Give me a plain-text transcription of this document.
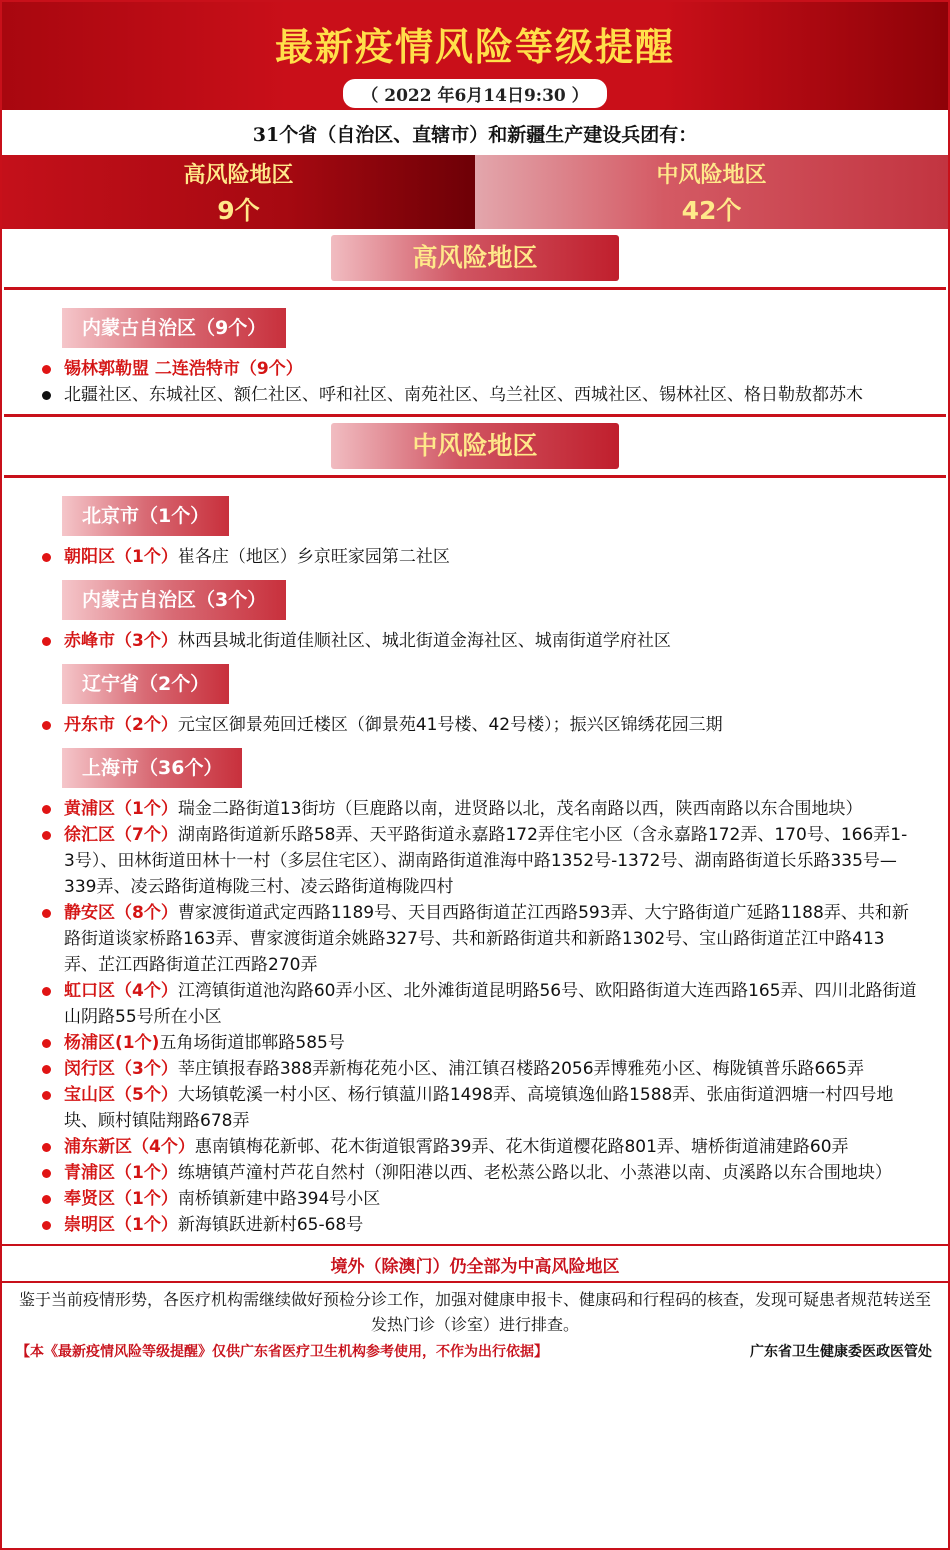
最新疫情风险等级提醒
（ 2022 年6月14日9:30 ）
31个省（自治区、直辖市）和新疆生产建设兵团有：
高风险地区
9个
中风险地区
42个
高风险地区
内蒙古自治区（9个）
锡林郭勒盟 二连浩特市（9个）
北疆社区、东城社区、额仁社区、呼和社区、南苑社区、乌兰社区、西城社区、锡林社区、格日勒敖都苏木
中风险地区
北京市（1个）
朝阳区（1个）崔各庄（地区）乡京旺家园第二社区
内蒙古自治区（3个）
赤峰市（3个）林西县城北街道佳顺社区、城北街道金海社区、城南街道学府社区
辽宁省（2个）
丹东市（2个）元宝区御景苑回迁楼区（御景苑41号楼、42号楼）；振兴区锦绣花园三期
上海市（36个）
黄浦区（1个）瑞金二路街道13街坊（巨鹿路以南，进贤路以北，茂名南路以西，陕西南路以东合围地块）
徐汇区（7个）湖南路街道新乐路58弄、天平路街道永嘉路172弄住宅小区（含永嘉路172弄、170号、166弄1-3号）、田林街道田林十一村（多层住宅区）、湖南路街道淮海中路1352号-1372号、湖南路街道长乐路335号—339弄、凌云路街道梅陇三村、凌云路街道梅陇四村
静安区（8个）曹家渡街道武定西路1189号、天目西路街道芷江西路593弄、大宁路街道广延路1188弄、共和新路街道谈家桥路163弄、曹家渡街道余姚路327号、共和新路街道共和新路1302号、宝山路街道芷江中路413弄、芷江西路街道芷江西路270弄
虹口区（4个）江湾镇街道池沟路60弄小区、北外滩街道昆明路56号、欧阳路街道大连西路165弄、四川北路街道山阴路55号所在小区
杨浦区(1个)五角场街道邯郸路585号
闵行区（3个）莘庄镇报春路388弄新梅花苑小区、浦江镇召楼路2056弄博雅苑小区、梅陇镇普乐路665弄
宝山区（5个）大场镇乾溪一村小区、杨行镇蕰川路1498弄、高境镇逸仙路1588弄、张庙街道泗塘一村四号地块、顾村镇陆翔路678弄
浦东新区（4个）惠南镇梅花新邨、花木街道银霄路39弄、花木街道樱花路801弄、塘桥街道浦建路60弄
青浦区（1个）练塘镇芦潼村芦花自然村（泖阳港以西、老松蒸公路以北、小蒸港以南、贞溪路以东合围地块）
奉贤区（1个）南桥镇新建中路394号小区
崇明区（1个）新海镇跃进新村65-68号
境外（除澳门）仍全部为中高风险地区
鉴于当前疫情形势，各医疗机构需继续做好预检分诊工作，加强对健康申报卡、健康码和行程码的核查，发现可疑患者规范转送至发热门诊（诊室）进行排查。
【本《最新疫情风险等级提醒》仅供广东省医疗卫生机构参考使用，不作为出行依据】	广东省卫生健康委医政医管处
